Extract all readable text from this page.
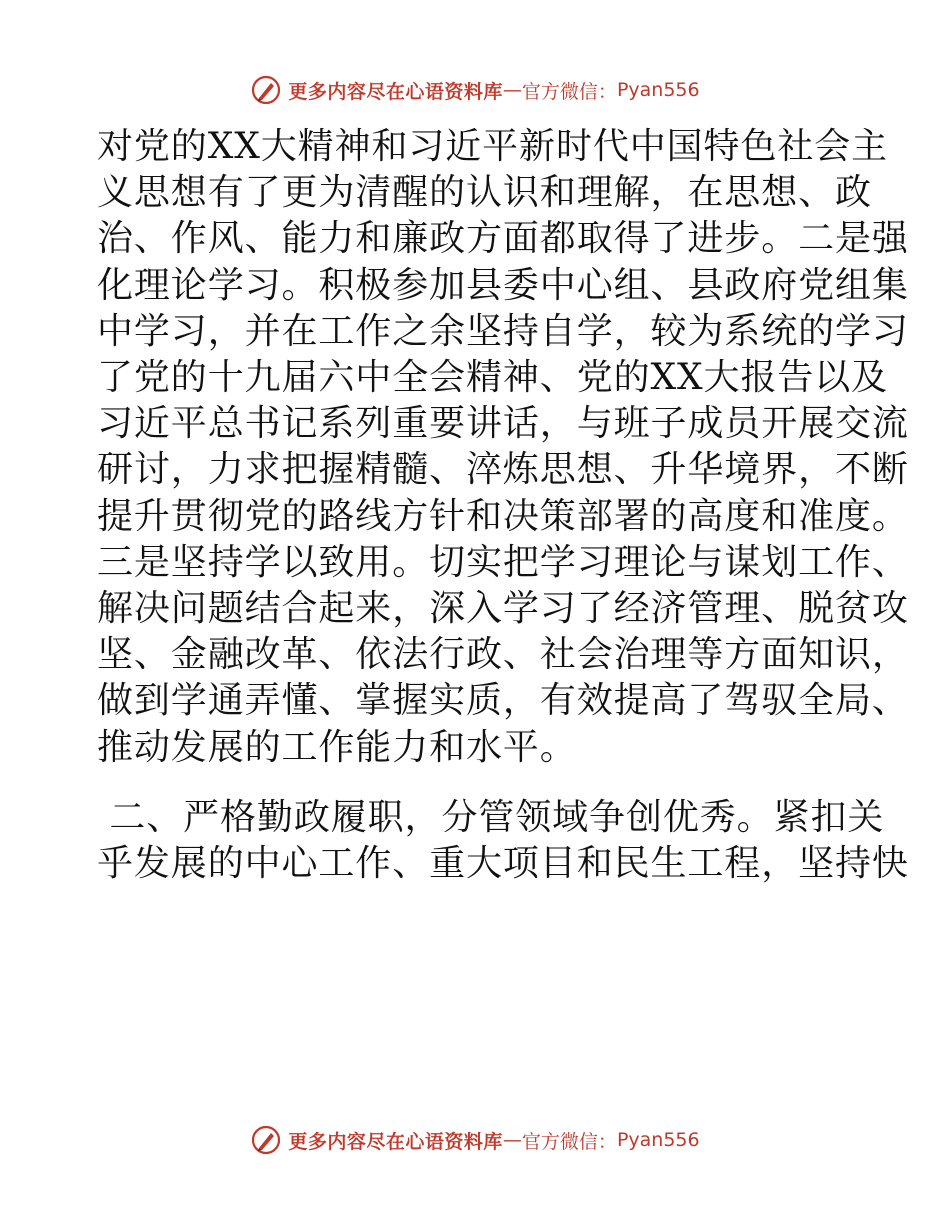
更多内容尽在心语资料库 — 官方微信： Pyan556

对党的XX大精神和习近平新时代中国特色社会主

义思想有了更为清醒的认识和理解，在思想、政

治、作风、能力和廉政方面都取得了进步。二是强

化理论学习。积极参加县委中心组、县政府党组集

中学习，并在工作之余坚持自学，较为系统的学习

了党的十九届六中全会精神、党的XX大报告以及

习近平总书记系列重要讲话，与班子成员开展交流

研讨，力求把握精髓、淬炼思想、升华境界，不断

提升贯彻党的路线方针和决策部署的高度和准度。

三是坚持学以致用。切实把学习理论与谋划工作、

解决问题结合起来，深入学习了经济管理、脱贫攻

坚、金融改革、依法行政、社会治理等方面知识，

做到学通弄懂、掌握实质，有效提高了驾驭全局、

推动发展的工作能力和水平。

二、严格勤政履职，分管领域争创优秀。紧扣关

乎发展的中心工作、重大项目和民生工程，坚持快

更多内容尽在心语资料库 — 官方微信： Pyan556
